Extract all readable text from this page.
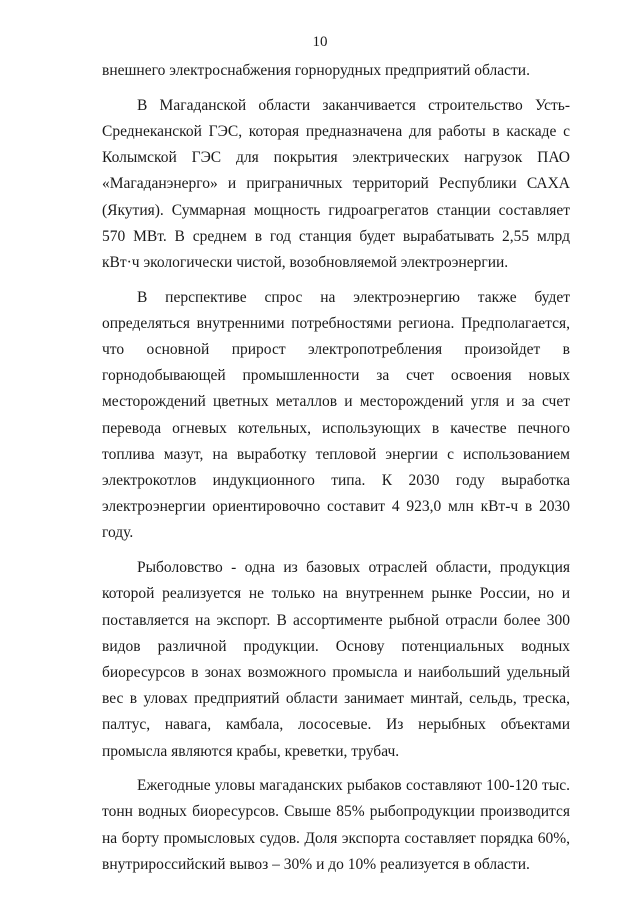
10

внешнего электроснабжения горнорудных предприятий области.

В Магаданской области заканчивается строительство Усть-Среднеканской ГЭС, которая предназначена для работы в каскаде с Колымской ГЭС для покрытия электрических нагрузок ПАО «Магаданэнерго» и приграничных территорий Республики САХА (Якутия). Суммарная мощность гидроагрегатов станции составляет 570 МВт. В среднем в год станция будет вырабатывать 2,55 млрд кВт·ч экологически чистой, возобновляемой электроэнергии.

В перспективе спрос на электроэнергию также будет определяться внутренними потребностями региона. Предполагается, что основной прирост электропотребления произойдет в горнодобывающей промышленности за счет освоения новых месторождений цветных металлов и месторождений угля и за счет перевода огневых котельных, использующих в качестве печного топлива мазут, на выработку тепловой энергии с использованием электрокотлов индукционного типа. К 2030 году выработка электроэнергии ориентировочно составит 4 923,0 млн кВт-ч в 2030 году.

Рыболовство - одна из базовых отраслей области, продукция которой реализуется не только на внутреннем рынке России, но и поставляется на экспорт. В ассортименте рыбной отрасли более 300 видов различной продукции. Основу потенциальных водных биоресурсов в зонах возможного промысла и наибольший удельный вес в уловах предприятий области занимает минтай, сельдь, треска, палтус, навага, камбала, лососевые. Из нерыбных объектами промысла являются крабы, креветки, трубач.

Ежегодные уловы магаданских рыбаков составляют 100-120 тыс. тонн водных биоресурсов. Свыше 85% рыбопродукции производится на борту промысловых судов. Доля экспорта составляет порядка 60%, внутрироссийский вывоз – 30% и до 10% реализуется в области.
